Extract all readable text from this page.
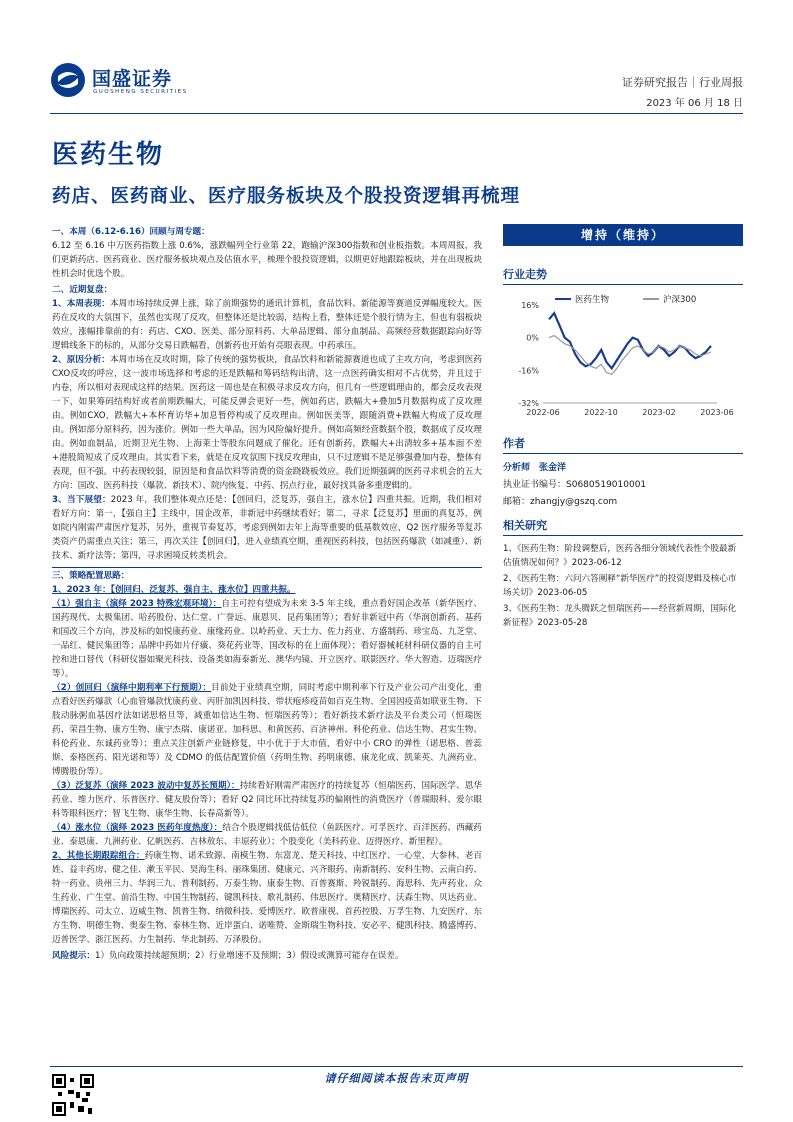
国盛证券
GUOSHENG SECURITIES
证券研究报告｜行业周报
2023 年 06 月 18 日
医药生物
药店、医药商业、医疗服务板块及个股投资逻辑再梳理
一、本周（6.12-6.16）回顾与周专题：

6.12 至 6.16 中万医药指数上涨 0.6%，涨跌幅列全行业第 22，跑输沪深300指数和创业板指数。本周周报，我们更新药店、医药商业、医疗服务板块观点及估值水平，梳理个股投资逻辑，以期更好地跟踪板块，并在出现板块性机会时优选个股。

二、近期复盘：

1、本周表现：本周市场持续反弹上涨，除了前期强势的通讯计算机，食品饮料、新能源等赛道反弹幅度较大。医药在反攻的大氛围下，虽然也实现了反攻，但整体还是比较弱，结构上看，整体还是个股行情为主，但也有弱板块效应，涨幅排靠前的有：药店、CXO、医美、部分原料药、大单品逻辑、部分血制品、高频经营数据跟踪向好等逻辑线条下的标的，从部分交易日跌幅看，创新药也开始有亮眼表现。中药承压。

2、原因分析：本周市场在反攻时期，除了传统的强势板块，食品饮料和新能源赛道也成了主攻方向，考虑到医药CXO反攻的呼应，这一波市场选择和考虑的还是跌幅和筹码结构出清，这一点医药确实相对不占优势，并且过于内卷，所以相对表现成这样的结果。医药这一周也是在积极寻求反攻方向，但几有一些逻辑理由的，都会反攻表现一下，如果筹码结构好或者前期跌幅大，可能反弹会更好一些，例如药店，跌幅大+叠加5月数据构成了反攻理由。例如CXO，跌幅大+本杯育访华+加息暂停构成了反攻理由。例如医美等，跟随消费+跌幅大构成了反攻理由。例如部分原料药，因为涨价。例如一些大单品，因为风险偏好提升。例如高频经营数据个股，数据成了反攻理由。例如血制品，近期卫光生物、上海莱士等股东问题成了催化。还有创新药，跌幅大+出清较多+基本面不差+港股简短成了反攻理由。其实看下来，就是在反攻氛围下找反攻理由，只不过逻辑不是足够强叠加内卷，整体有表现，但不强。中药表现较弱，原因是和食品饮料等消费的资金跷跷板效应。我们近期强调的医药寻求机会的五大方向：国改、医药科技（爆款、新技术）、院内恢复、中药、拐点行业，最好找具备多重逻辑的。

3、当下展望：2023 年，我们整体观点还是：【创回归，泛复苏，强自主，涨水位】四重共振。近期，我们相对看好方向：第一，【强自主】主线中，国企改革，非新冠中药继续看好；第二，寻求【泛复苏】里面的真复苏，例如院内刚需严肃医疗复苏，另外，重视节奏复苏，考虑到例如去年上海等重要的低基数效应，Q2 医疗服务等复苏类资产仍需重点关注；第三，再次关注【创回归】，进入业绩真空期，重视医药科技，包括医药爆款（如减重）、新技术、新疗法等；第四，寻求困境反转类机会。

三、策略配置思路：

1、2023 年：【创回归、泛复苏、强自主、涨水位】四重共振。

（1）强自主（演绎 2023 特殊宏观环境）：自主可控有望成为未来 3-5 年主线，重点看好国企改革（新华医疗、国药现代、太极集团、哈药股份、达仁堂、广誉远、康恩贝、昆药集团等）；看好非新冠中药（华润创新药、基药和国改三个方向，涉及标的如悦康药业、康缘药业、以岭药业、天士力、佐力药业、方盛制药、珍宝岛、九芝堂、一品红、健民集团等；品牌中药如片仔癀、葵花药业等，国改标的在上面体现）；看好器械耗材科研仪器的自主可控和进口替代（科研仪器如聚光科技、设备类如海泰新光、澳华内镜、开立医疗、联影医疗、华大智造、迈瑞医疗等）。

（2）创回归（演绎中期利率下行预期）：目前处于业绩真空期，同时考虑中期利率下行及产业公司产出变化，重点看好医药爆款（心血管爆款忧康药业、丙肝加凯因科技、带状疱疹疫苗如百克生物、全国因疫苗如联亚生物、下肢动脉粥血基因疗法如诺思格旦等，减重如信达生物、恒瑞医药等）；看好新技术新疗法及平台类公司（恒瑞医药、荣昌生物、康方生物、康宁杰瑞、康诺亚、加科思、和黄医药、百济神州、科伦药业、信达生物、君实生物、科伦药业、东诚药业等）；重点关注创新产业链修复，中小优于于大市值，看好中小 CRO 的弹性（诺思格、普蕊斯、泰格医药、阳光诺和等）及 CDMO 的低估配置价值（药明生物、药明康德、康龙化成、凯莱英、九洲药业、博腾股份等）。

（3）泛复苏（演绎 2023 波动中复苏长预期）：持续看好刚需严肃医疗的持续复苏（恒瑞医药、国际医学、恩华药业、维力医疗、乐普医疗、健友股份等）；看好 Q2 同比环比持续复苏的偏刚性的消费医疗（普瑞眼科、爱尔眼科等眼科医疗；智飞生物、康华生物、长春高新等）。

（4）涨水位（演绎 2023 医药年度热度）：结合个股逻辑找低估低位（鱼跃医疗、可孚医疗、百洋医药、西藏药业、泰恩康、九洲药业、亿帆医药、吉林敖东、丰原药业）；个股变化（美科药业、迈得医疗、新里程）。

2、其他长期跟踪组合：药康生物、诺禾致源、南模生物、东富龙、楚天科技、中红医疗、一心堂、大参林、老百姓、益丰药房、健之佳、漱玉平民、昊海生科、丽珠集团、健康元、兴齐眼药、南新制药、安科生物、云南白药、特一药业、贵州三力、华润三九、普利制药、万泰生物、康泰生物、百普赛斯、羚锐制药、海思科、先声药业、众生药业、广生堂、前沿生物、中国生物制药、键凯科技、歌礼制药、伟思医疗、奥精医疗、沃森生物、贝达药业、博瑞医药、司太立、迈威生物、凯普生物、纳微科技、爱博医疗、欧普康视、首药控股、万孚生物、九安医疗、东方生物、明德生物、奥泰生物、泰林生物、近岸蛋白、诺唯赞、金斯瑞生物科技、安必平、健凯科技、腾盛博药、迈普医学、浙江医药、力生制药、华北制药、万泽股份。

风险提示：1）负向政策持续超预期；2）行业增速不及预期；3）假设或测算可能存在误差。

增持（维持）
行业走势
16%
0%
-16%
-32%
2022-06	2022-10	2023-02	2023-06
医药生物	沪深300
作者
分析师　 张金洋
执业证书编号：S0680519010001
邮箱：zhangjy@gszq.com
相关研究
1、《医药生物：阶段调整后，医药各细分领域代表性个股最新估值情况如何？》2023-06-12
2、《医药生物：六问六答阐释“新华医疗”的投资逻辑及核心市场关切》2023-06-05
3、《医药生物：龙头腾跃之恒瑞医药——经营新周期，国际化新征程》2023-05-28
请仔细阅读本报告末页声明
